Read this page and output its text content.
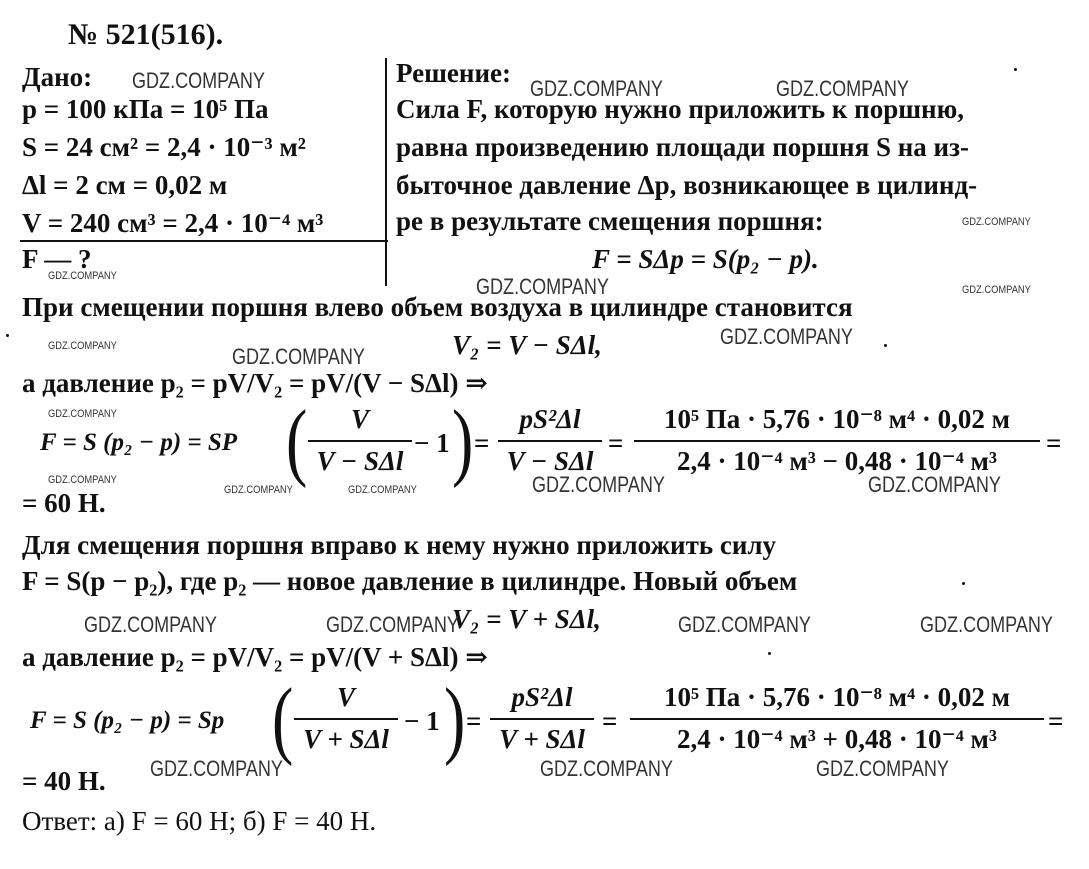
№ 521(516).
Дано:
p = 100 кПа = 10⁵ Па
S = 24 см² = 2,4 · 10⁻³ м²
Δl = 2 см = 0,02 м
V = 240 см³ = 2,4 · 10⁻⁴ м³
F — ?
Решение:
Сила F, которую нужно приложить к поршню,
равна произведению площади поршня S на из-
быточное давление Δp, возникающее в цилинд-
ре в результате смещения поршня:
F = SΔp = S(p₂ − p).
При смещении поршня влево объем воздуха в цилиндре становится
V₂ = V − SΔl,
а давление p₂ = pV/V₂ = pV/(V − SΔl) ⇒
F = S (p₂ − p) = SP (	V
V − SΔl
− 1 ) =
pS²Δl
V − SΔl
=
10⁵ Па · 5,76 · 10⁻⁸ м⁴ · 0,02 м
2,4 · 10⁻⁴ м³ − 0,48 · 10⁻⁴ м³
=
= 60 Н.
Для смещения поршня вправо к нему нужно приложить силу
F = S(p − p₂), где p₂ — новое давление в цилиндре. Новый объем
V₂ = V + SΔl,
а давление p₂ = pV/V₂ = pV/(V + SΔl) ⇒
F = S (p₂ − p) = Sp (	V
V + SΔl
− 1 ) =
pS²Δl
V + SΔl
=
10⁵ Па · 5,76 · 10⁻⁸ м⁴ · 0,02 м
2,4 · 10⁻⁴ м³ + 0,48 · 10⁻⁴ м³
=
= 40 Н.
Ответ: а) F = 60 Н; б) F = 40 Н.
GDZ.COMPANY	GDZ.COMPANY	GDZ.COMPANY
GDZ.COMPANY
GDZ.COMPANY	GDZ.COMPANY	GDZ.COMPANY
GDZ.COMPANY	GDZ.COMPANY
GDZ.COMPANY
GDZ.COMPANY
GDZ.COMPANY
GDZ.COMPANY	GDZ.COMPANY	GDZ.COMPANY	GDZ.COMPANY
GDZ.COMPANY	GDZ.COMPANY	GDZ.COMPANY	GDZ.COMPANY
GDZ.COMPANY	GDZ.COMPANY	GDZ.COMPANY
